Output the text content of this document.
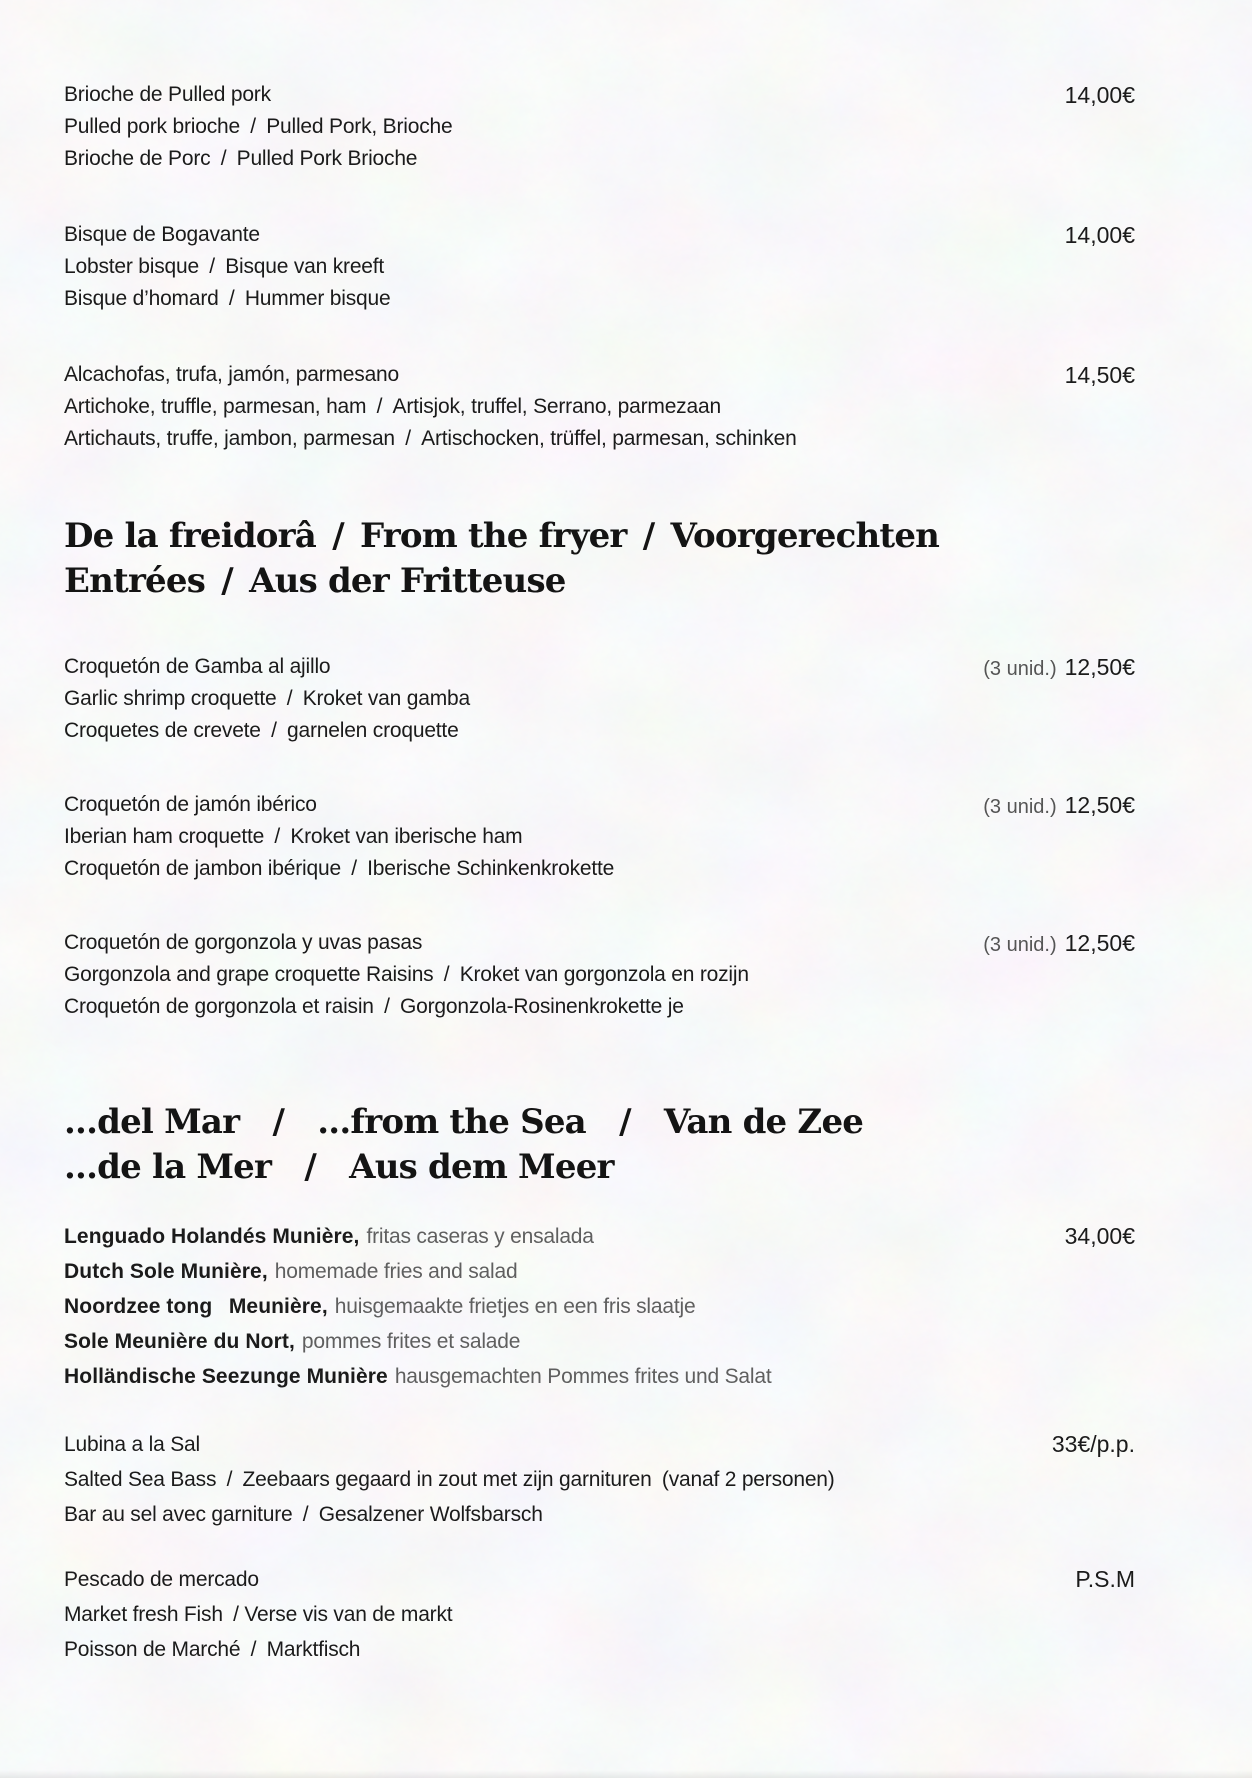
Brioche de Pulled pork
Pulled pork brioche / Pulled Pork, Brioche
Brioche de Porc / Pulled Pork Brioche
14,00€
Bisque de Bogavante
Lobster bisque / Bisque van kreeft
Bisque d’homard / Hummer bisque
14,00€
Alcachofas, trufa, jamón, parmesano
Artichoke, truffle, parmesan, ham / Artisjok, truffel, Serrano, parmezaan
Artichauts, truffe, jambon, parmesan / Artischocken, trüffel, parmesan, schinken
14,50€
De la freidorâ / From the fryer / Voorgerechten
Entrées / Aus der Fritteuse
Croquetón de Gamba al ajillo
Garlic shrimp croquette / Kroket van gamba
Croquetes de crevete / garnelen croquette
(3 unid.) 12,50€
Croquetón de jamón ibérico
Iberian ham croquette / Kroket van iberische ham
Croquetón de jambon ibérique / Iberische Schinkenkrokette
(3 unid.) 12,50€
Croquetón de gorgonzola y uvas pasas
Gorgonzola and grape croquette Raisins / Kroket van gorgonzola en rozijn
Croquetón de gorgonzola et raisin / Gorgonzola-Rosinenkrokette je
(3 unid.) 12,50€
...del Mar / ...from the Sea / Van de Zee
...de la Mer / Aus dem Meer
Lenguado Holandés Munière, fritas caseras y ensalada
Dutch Sole Munière, homemade fries and salad
Noordzee tong  Meunière, huisgemaakte frietjes en een fris slaatje
Sole Meunière du Nort, pommes frites et salade
Holländische Seezunge Munière hausgemachten Pommes frites und Salat
34,00€
Lubina a la Sal
Salted Sea Bass / Zeebaars gegaard in zout met zijn garnituren (vanaf 2 personen)
Bar au sel avec garniture / Gesalzener Wolfsbarsch
33€/p.p.
Pescado de mercado
Market fresh Fish / Verse vis van de markt
Poisson de Marché / Marktfisch
P.S.M
